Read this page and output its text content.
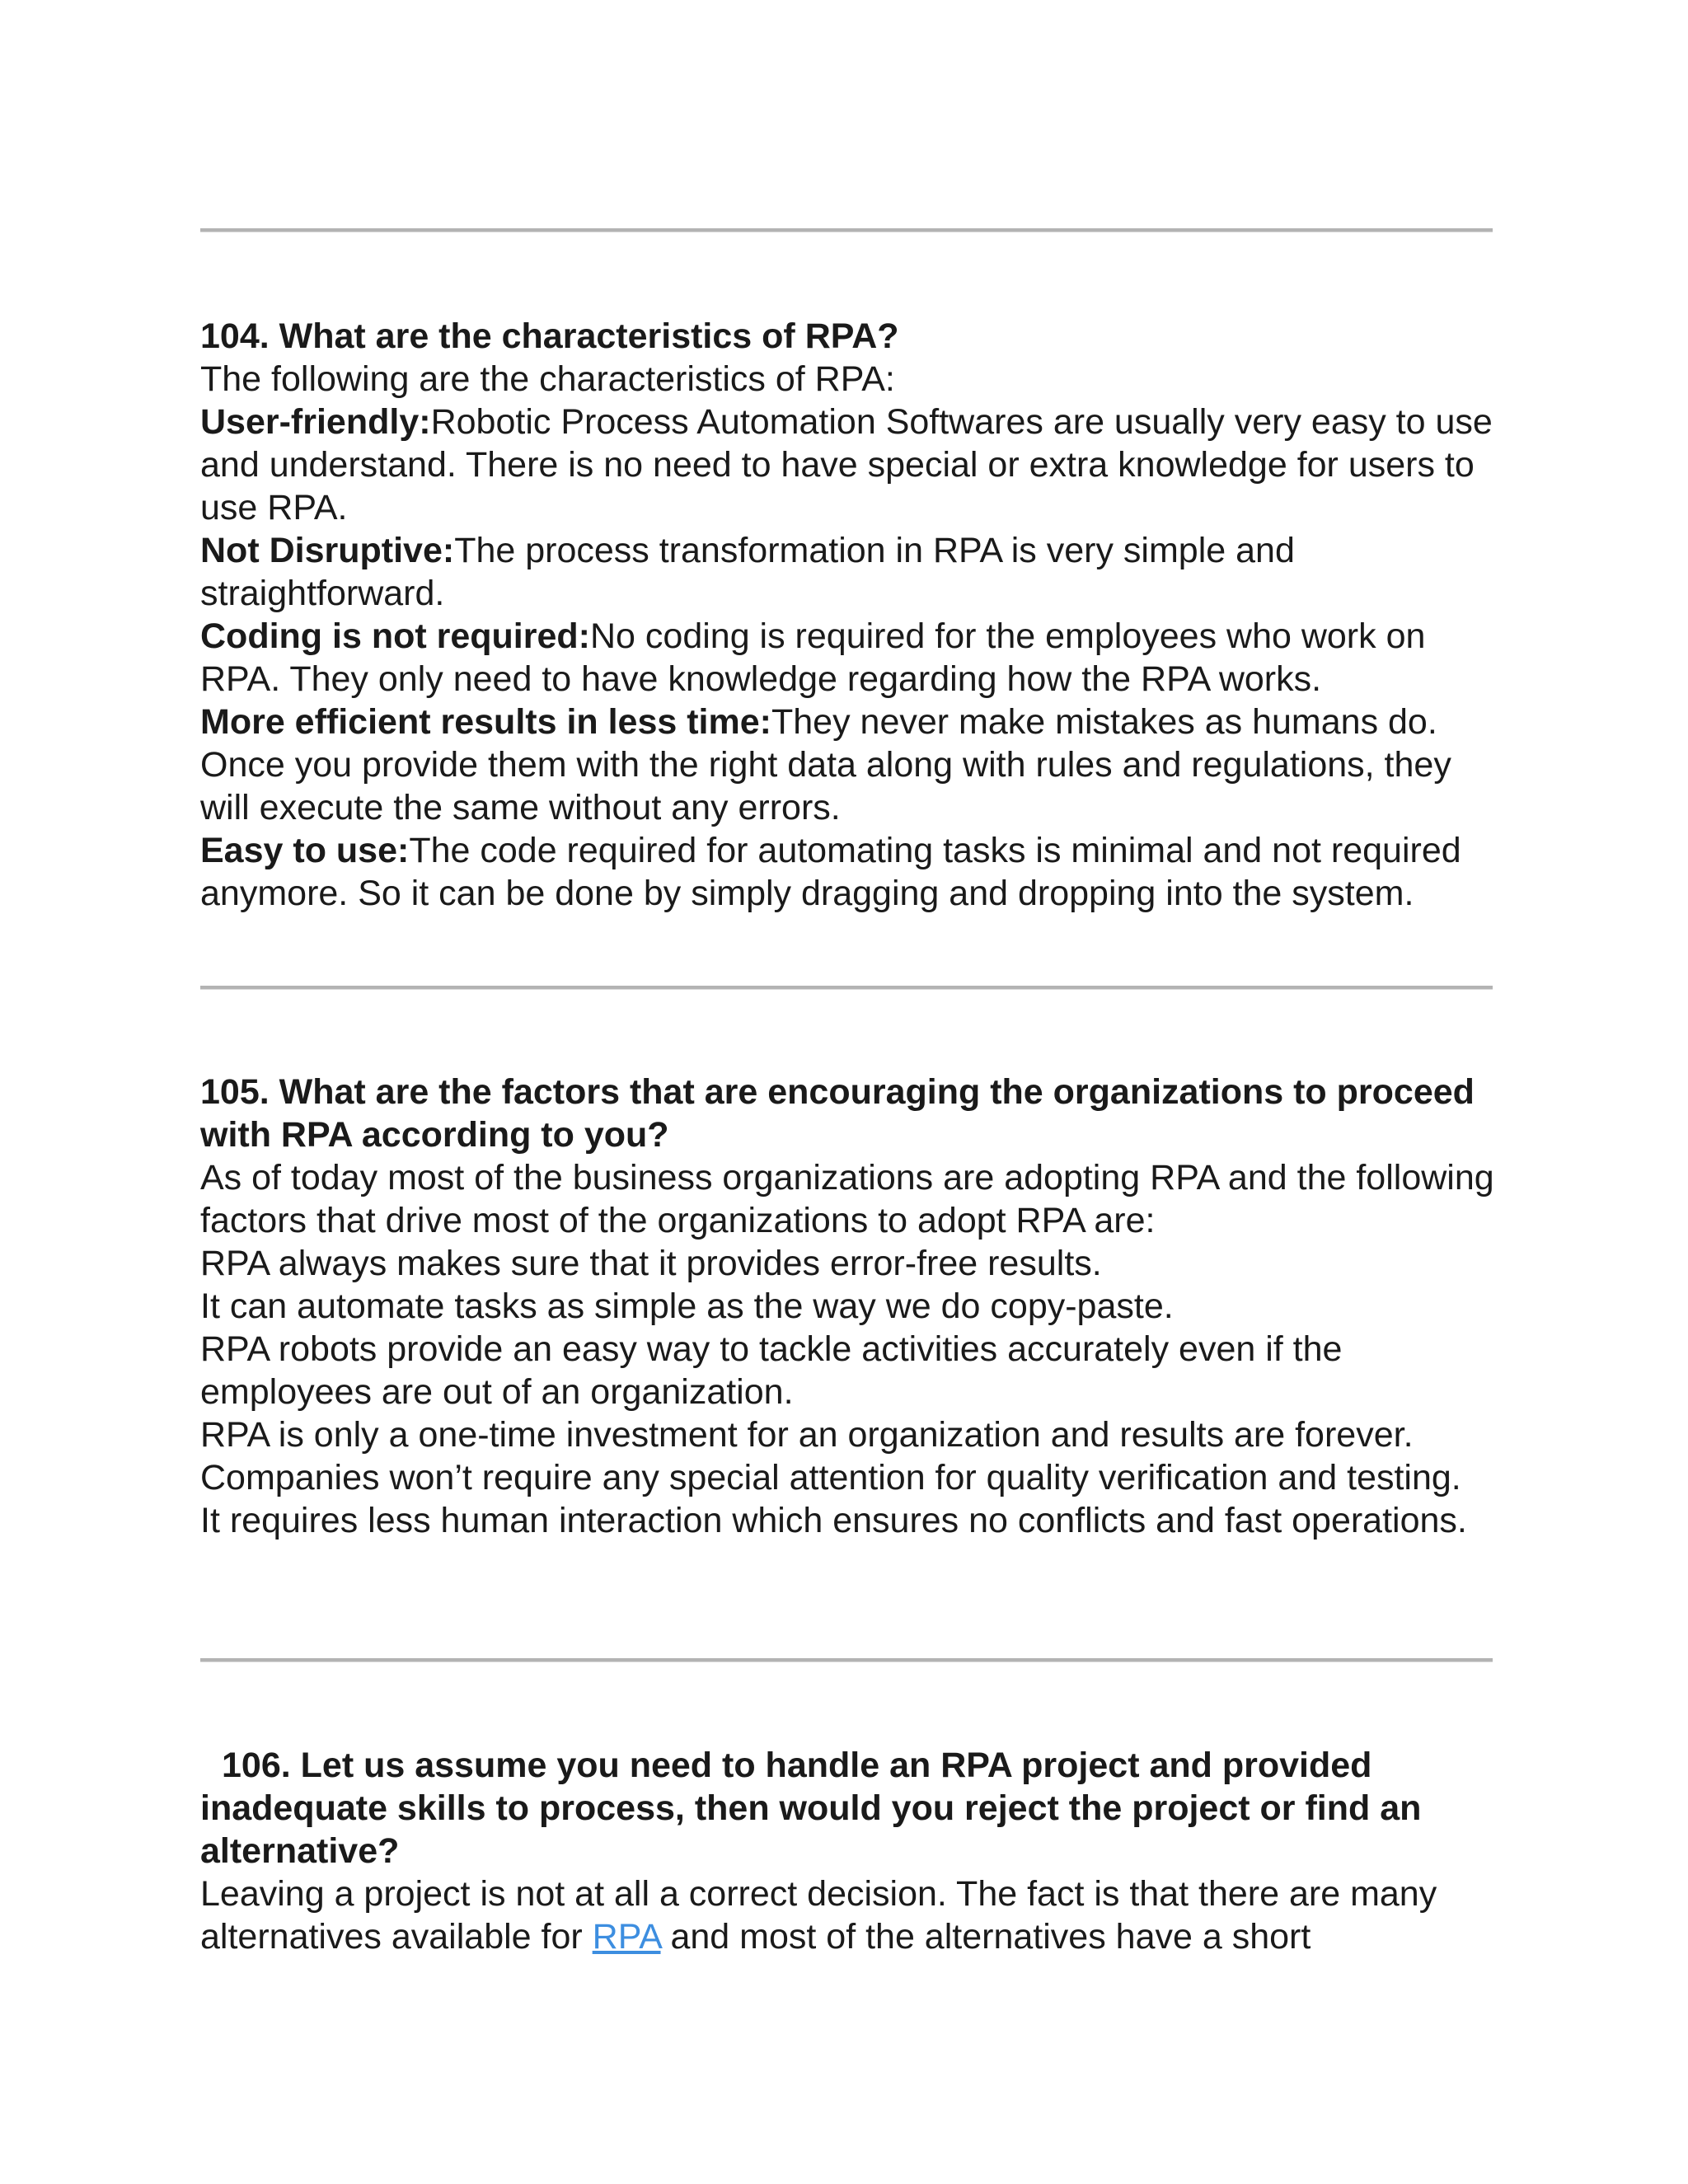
104. What are the characteristics of RPA?

The following are the characteristics of RPA:

User-friendly:Robotic Process Automation Softwares are usually very easy to use and understand. There is no need to have special or extra knowledge for users to use RPA.

Not Disruptive:The process transformation in RPA is very simple and straightforward.

Coding is not required:No coding is required for the employees who work on RPA. They only need to have knowledge regarding how the RPA works.

More efficient results in less time:They never make mistakes as humans do. Once you provide them with the right data along with rules and regulations, they will execute the same without any errors.

Easy to use:The code required for automating tasks is minimal and not required anymore. So it can be done by simply dragging and dropping into the system.

105. What are the factors that are encouraging the organizations to proceed with RPA according to you?

As of today most of the business organizations are adopting RPA and the following factors that drive most of the organizations to adopt RPA are:

RPA always makes sure that it provides error-free results.

It can automate tasks as simple as the way we do copy-paste.

RPA robots provide an easy way to tackle activities accurately even if the employees are out of an organization.

RPA is only a one-time investment for an organization and results are forever.

Companies won’t require any special attention for quality verification and testing.

It requires less human interaction which ensures no conflicts and fast operations.

106. Let us assume you need to handle an RPA project and provided inadequate skills to process, then would you reject the project or find an alternative?

Leaving a project is not at all a correct decision. The fact is that there are many alternatives available for RPA and most of the alternatives have a short
